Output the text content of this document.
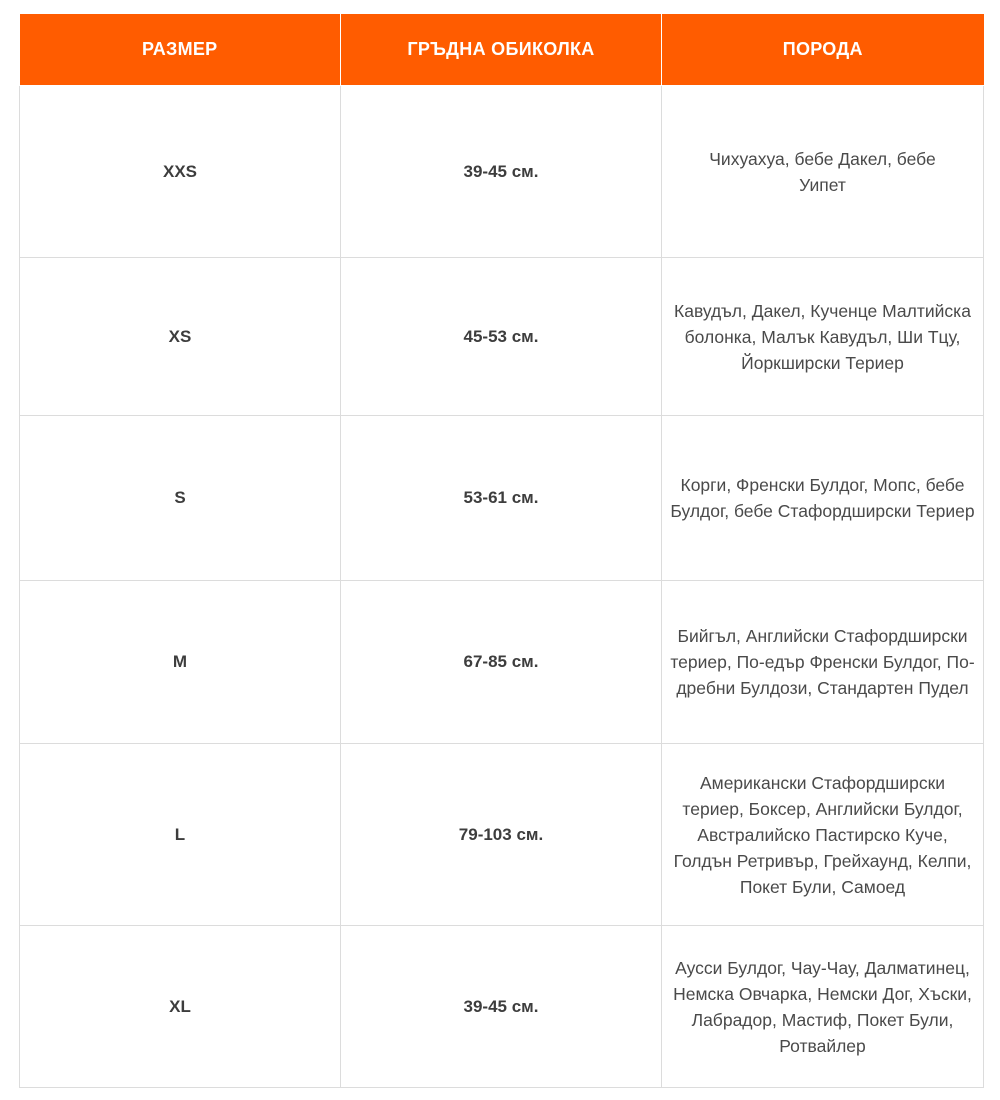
РАЗМЕР	ГРЪДНА ОБИКОЛКА	ПОРОДА
XXS	39-45 см.	Чихуахуа, бебе Дакел, бебе Уипет
XS	45-53 см.	Кавудъл, Дакел, Кученце Малтийска болонка, Малък Кавудъл, Ши Тцу, Йоркширски Териер
S	53-61 см.	Корги, Френски Булдог, Мопс, бебе Булдог, бебе Стафордширски Териер
M	67-85 см.	Бийгъл, Английски Стафордширски териер, По-едър Френски Булдог, По-дребни Булдози, Стандартен Пудел
L	79-103 см.	Американски Стафордширски териер, Боксер, Английски Булдог, Австралийско Пастирско Куче, Голдън Ретривър, Грейхаунд, Келпи, Покет Були, Самоед
XL	39-45 см.	Аусси Булдог, Чау-Чау, Далматинец, Немска Овчарка, Немски Дог, Хъски, Лабрадор, Мастиф, Покет Були, Ротвайлер
